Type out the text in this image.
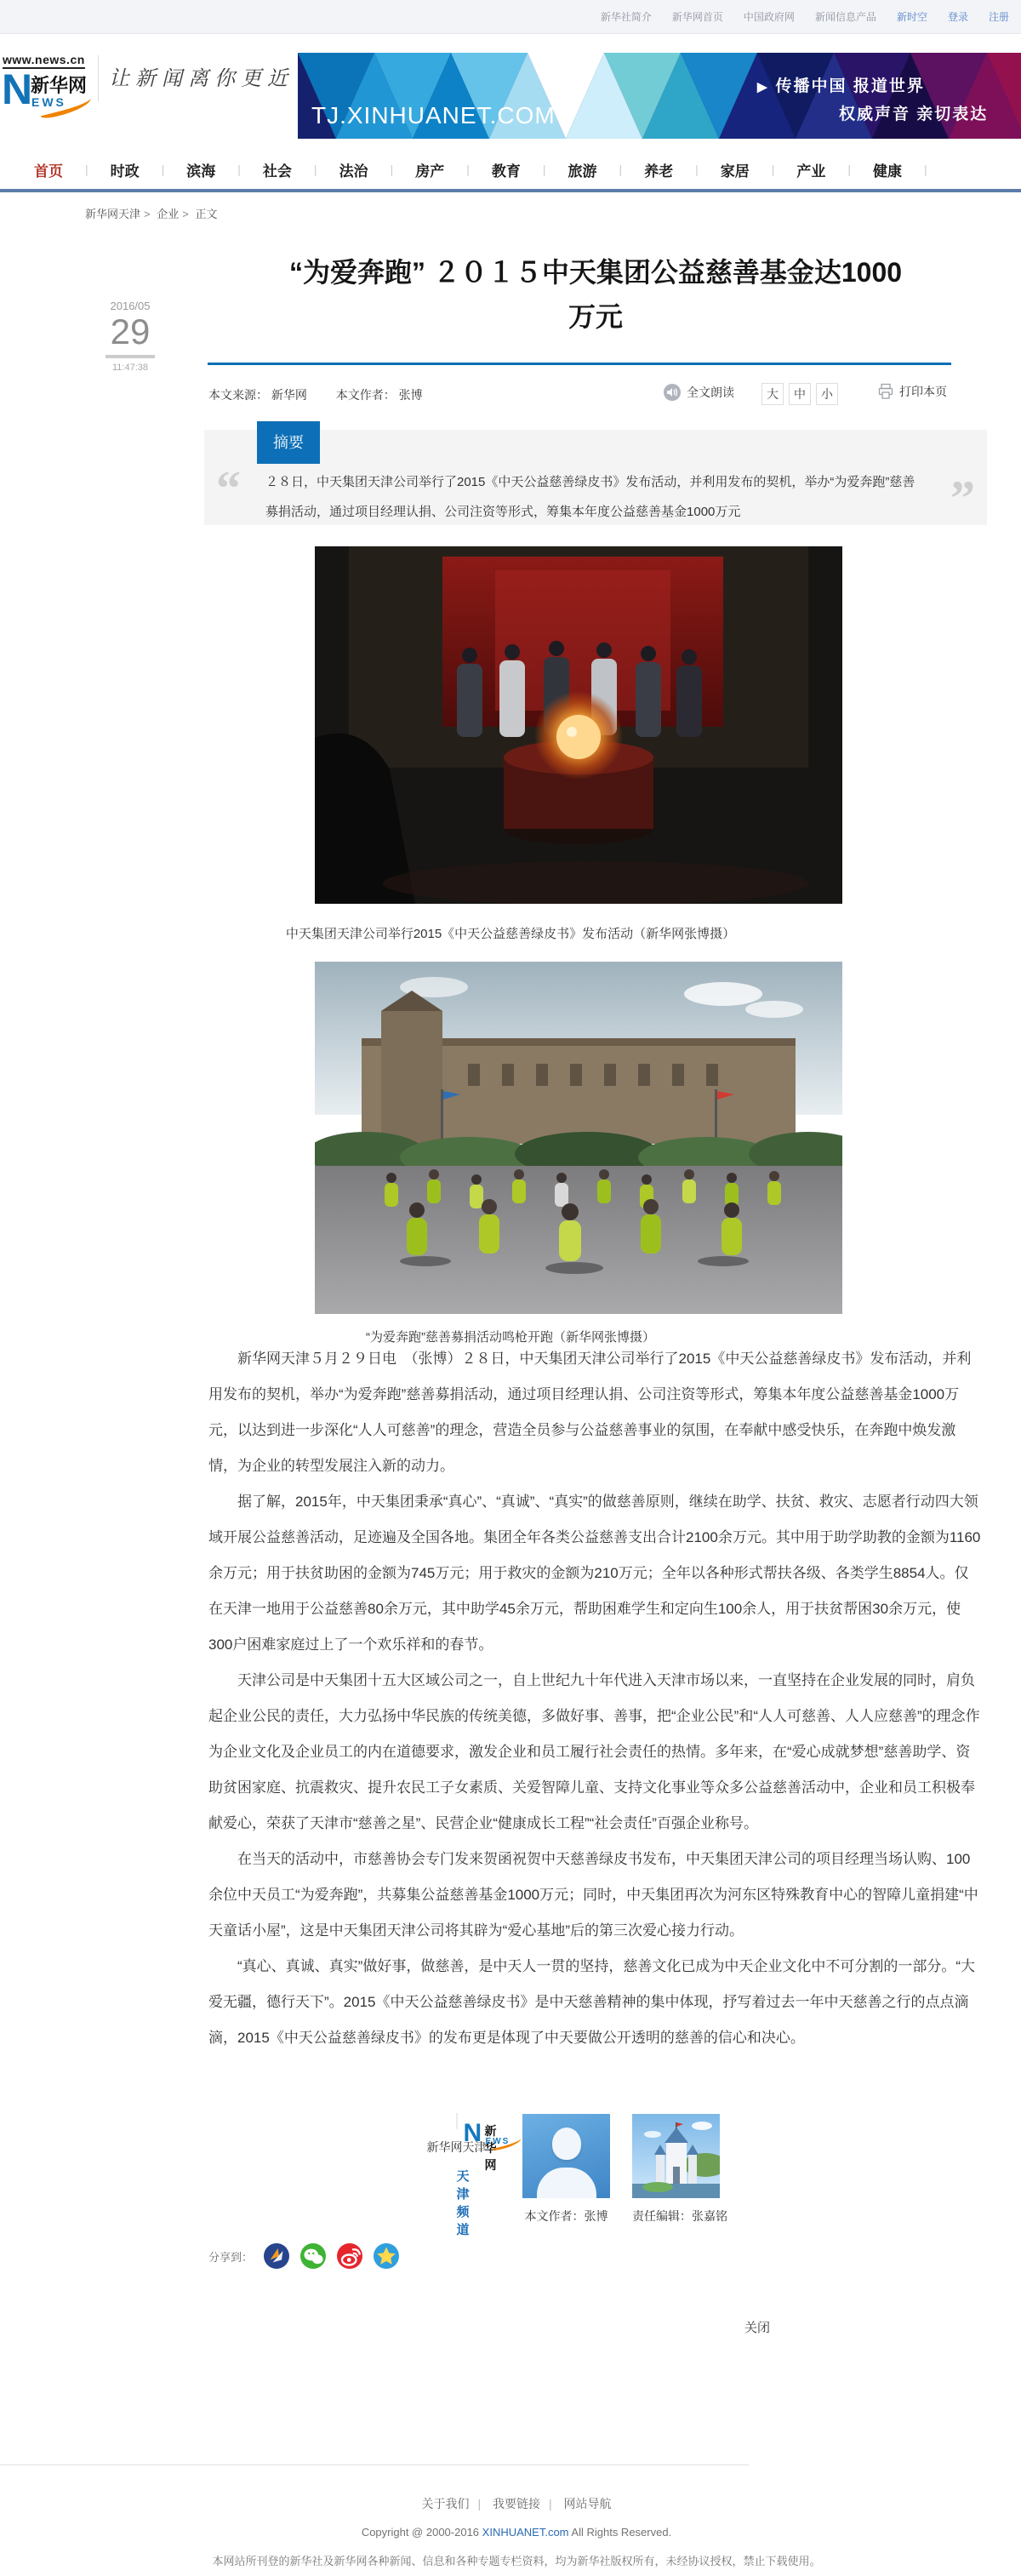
新华社简介 新华网首页 中国政府网 新闻信息产品 新时空 登录 注册
www.news.cn
N
新华网
EWS
让新闻离你更近
TJ.XINHUANET.COM
▶ 传播中国 报道世界
权威声音 亲切表达
首页 | 时政 | 滨海 | 社会 | 法治 | 房产 | 教育 | 旅游 | 养老 | 家居 | 产业 | 健康 |
新华网天津 > 企业 > 正文
“为爱奔跑” ２０１５中天集团公益慈善基金达1000
万元
2016/05
29
11:47:38
本文来源： 新华网 本文作者： 张博	全文朗读	大	中	小	打印本页
摘要
“ ２８日，中天集团天津公司举行了2015《中天公益慈善绿皮书》发布活动，并利用发布的契机，举办“为爱奔跑”慈善募捐活动，通过项目经理认捐、公司注资等形式，筹集本年度公益慈善基金1000万元	”
中天集团天津公司举行2015《中天公益慈善绿皮书》发布活动（新华网张博摄）
“为爱奔跑”慈善募捐活动鸣枪开跑（新华网张博摄）

新华网天津５月２９日电　（张博）２８日，中天集团天津公司举行了2015《中天公益慈善绿皮书》发布活动，并利用发布的契机，举办“为爱奔跑”慈善募捐活动，通过项目经理认捐、公司注资等形式，筹集本年度公益慈善基金1000万元，以达到进一步深化“人人可慈善”的理念，营造全员参与公益慈善事业的氛围，在奉献中感受快乐，在奔跑中焕发激情，为企业的转型发展注入新的动力。

据了解，2015年，中天集团秉承“真心”、“真诚”、“真实”的做慈善原则，继续在助学、扶贫、救灾、志愿者行动四大领域开展公益慈善活动，足迹遍及全国各地。集团全年各类公益慈善支出合计2100余万元。其中用于助学助教的金额为1160余万元；用于扶贫助困的金额为745万元；用于救灾的金额为210万元；全年以各种形式帮扶各级、各类学生8854人。仅在天津一地用于公益慈善80余万元，其中助学45余万元，帮助困难学生和定向生100余人，用于扶贫帮困30余万元，使300户困难家庭过上了一个欢乐祥和的春节。

天津公司是中天集团十五大区域公司之一，自上世纪九十年代进入天津市场以来，一直坚持在企业发展的同时，肩负起企业公民的责任，大力弘扬中华民族的传统美德，多做好事、善事，把“企业公民”和“人人可慈善、人人应慈善”的理念作为企业文化及企业员工的内在道德要求，激发企业和员工履行社会责任的热情。多年来，在“爱心成就梦想”慈善助学、资助贫困家庭、抗震救灾、提升农民工子女素质、关爱智障儿童、支持文化事业等众多公益慈善活动中，企业和员工积极奉献爱心，荣获了天津市“慈善之星”、民营企业“健康成长工程”“社会责任”百强企业称号。

在当天的活动中，市慈善协会专门发来贺函祝贺中天慈善绿皮书发布，中天集团天津公司的项目经理当场认购、100余位中天员工“为爱奔跑”，共募集公益慈善基金1000万元；同时，中天集团再次为河东区特殊教育中心的智障儿童捐建“中天童话小屋”，这是中天集团天津公司将其辟为“爱心基地”后的第三次爱心接力行动。

“真心、真诚、真实”做好事，做慈善，是中天人一贯的坚持，慈善文化已成为中天企业文化中不可分割的一部分。“大爱无疆，德行天下”。2015《中天公益慈善绿皮书》是中天慈善精神的集中体现，抒写着过去一年中天慈善之行的点点滴滴，2015《中天公益慈善绿皮书》的发布更是体现了中天要做公开透明的慈善的信心和决心。

新华网天津
本文作者：张博 责任编辑：张嘉铭
分享到：
关闭
关于我们 | 我要链接 | 网站导航
Copyright @ 2000-2016 XINHUANET.com All Rights Reserved.
本网站所刊登的新华社及新华网各种新闻、信息和各种专题专栏资料，均为新华社版权所有，未经协议授权，禁止下载使用。
